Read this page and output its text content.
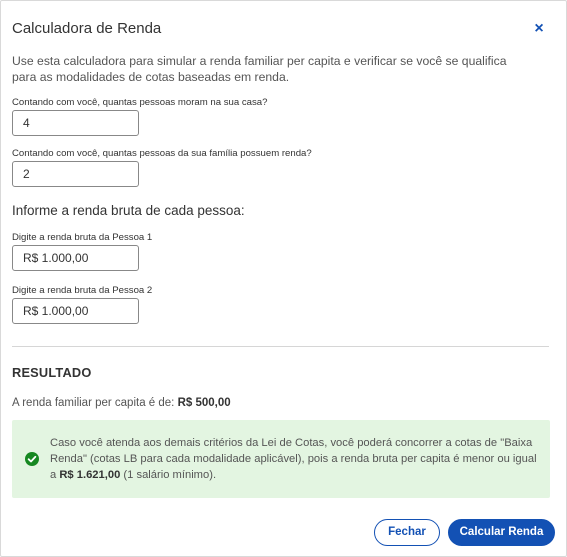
Calculadora de Renda	×

Use esta calculadora para simular a renda familiar per capita e verificar se você se qualifica para as modalidades de cotas baseadas em renda.

Contando com você, quantas pessoas moram na sua casa?
4
Contando com você, quantas pessoas da sua família possuem renda?
2
Informe a renda bruta de cada pessoa:
Digite a renda bruta da Pessoa 1
R$ 1.000,00
Digite a renda bruta da Pessoa 2
R$ 1.000,00
RESULTADO

A renda familiar per capita é de: R$ 500,00

Caso você atenda aos demais critérios da Lei de Cotas, você poderá concorrer a cotas de "Baixa Renda" (cotas LB para cada modalidade aplicável), pois a renda bruta per capita é menor ou igual a R$ 1.621,00 (1 salário mínimo).

Fechar	Calcular Renda
